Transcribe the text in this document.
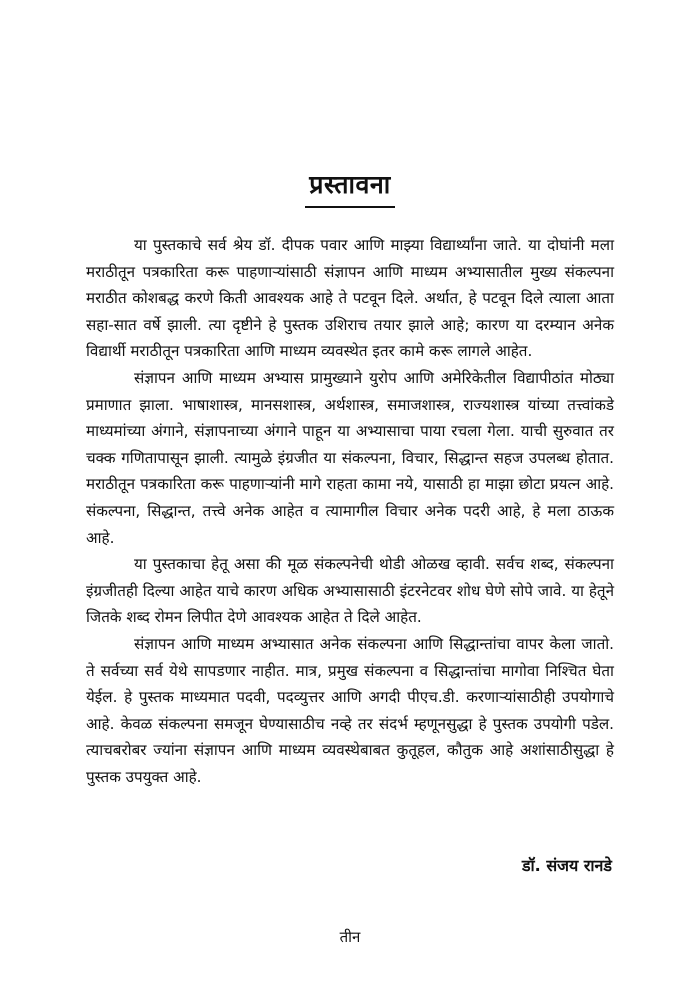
प्रस्तावना

या पुस्तकाचे सर्व श्रेय डॉ. दीपक पवार आणि माझ्या विद्यार्थ्यांना जाते. या दोघांनी मला मराठीतून पत्रकारिता करू पाहणाऱ्यांसाठी संज्ञापन आणि माध्यम अभ्यासातील मुख्य संकल्पना मराठीत कोशबद्ध करणे किती आवश्यक आहे ते पटवून दिले. अर्थात, हे पटवून दिले त्याला आता सहा-सात वर्षे झाली. त्या दृष्टीने हे पुस्तक उशिराच तयार झाले आहे; कारण या दरम्यान अनेक विद्यार्थी मराठीतून पत्रकारिता आणि माध्यम व्यवस्थेत इतर कामे करू लागले आहेत.

संज्ञापन आणि माध्यम अभ्यास प्रामुख्याने युरोप आणि अमेरिकेतील विद्यापीठांत मोठ्या प्रमाणात झाला. भाषाशास्त्र, मानसशास्त्र, अर्थशास्त्र, समाजशास्त्र, राज्यशास्त्र यांच्या तत्त्वांकडे माध्यमांच्या अंगाने, संज्ञापनाच्या अंगाने पाहून या अभ्यासाचा पाया रचला गेला. याची सुरुवात तर चक्क गणितापासून झाली. त्यामुळे इंग्रजीत या संकल्पना, विचार, सिद्धान्त सहज उपलब्ध होतात. मराठीतून पत्रकारिता करू पाहणाऱ्यांनी मागे राहता कामा नये, यासाठी हा माझा छोटा प्रयत्न आहे. संकल्पना, सिद्धान्त, तत्त्वे अनेक आहेत व त्यामागील विचार अनेक पदरी आहे, हे मला ठाऊक आहे.

या पुस्तकाचा हेतू असा की मूळ संकल्पनेची थोडी ओळख व्हावी. सर्वच शब्द, संकल्पना इंग्रजीतही दिल्या आहेत याचे कारण अधिक अभ्यासासाठी इंटरनेटवर शोध घेणे सोपे जावे. या हेतूने जितके शब्द रोमन लिपीत देणे आवश्यक आहेत ते दिले आहेत.

संज्ञापन आणि माध्यम अभ्यासात अनेक संकल्पना आणि सिद्धान्तांचा वापर केला जातो. ते सर्वच्या सर्व येथे सापडणार नाहीत. मात्र, प्रमुख संकल्पना व सिद्धान्तांचा मागोवा निश्चित घेता येईल. हे पुस्तक माध्यमात पदवी, पदव्युत्तर आणि अगदी पीएच.डी. करणाऱ्यांसाठीही उपयोगाचे आहे. केवळ संकल्पना समजून घेण्यासाठीच नव्हे तर संदर्भ म्हणूनसुद्धा हे पुस्तक उपयोगी पडेल. त्याचबरोबर ज्यांना संज्ञापन आणि माध्यम व्यवस्थेबाबत कुतूहल, कौतुक आहे अशांसाठीसुद्धा हे पुस्तक उपयुक्त आहे.

डॉ. संजय रानडे
तीन
